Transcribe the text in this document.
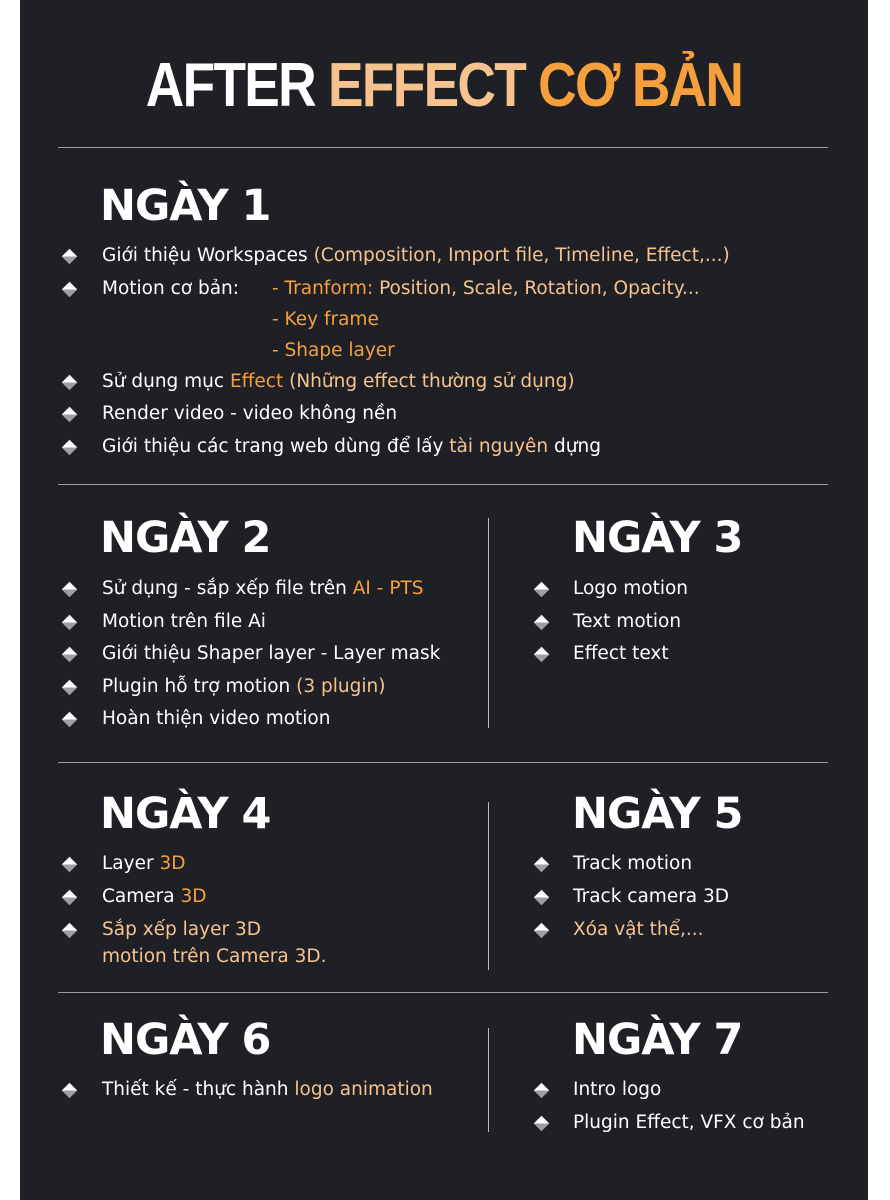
AFTER EFFECT CƠ BẢN
NGÀY 1
Giới thiệu Workspaces (Composition, Import file, Timeline, Effect,...)
Motion cơ bản: - Tranform: Position, Scale, Rotation, Opacity...
- Key frame
- Shape layer
Sử dụng mục Effect (Những effect thường sử dụng)
Render video - video không nền
Giới thiệu các trang web dùng để lấy tài nguyên dựng
NGÀY 2
Sử dụng - sắp xếp file trên AI - PTS
Motion trên file Ai
Giới thiệu Shaper layer - Layer mask
Plugin hỗ trợ motion (3 plugin)
Hoàn thiện video motion
NGÀY 3
Logo motion
Text motion
Effect text
NGÀY 4
Layer 3D
Camera 3D
Sắp xếp layer 3D
motion trên Camera 3D.
NGÀY 5
Track motion
Track camera 3D
Xóa vật thể,...
NGÀY 6
Thiết kế - thực hành logo animation
NGÀY 7
Intro logo
Plugin Effect, VFX cơ bản
